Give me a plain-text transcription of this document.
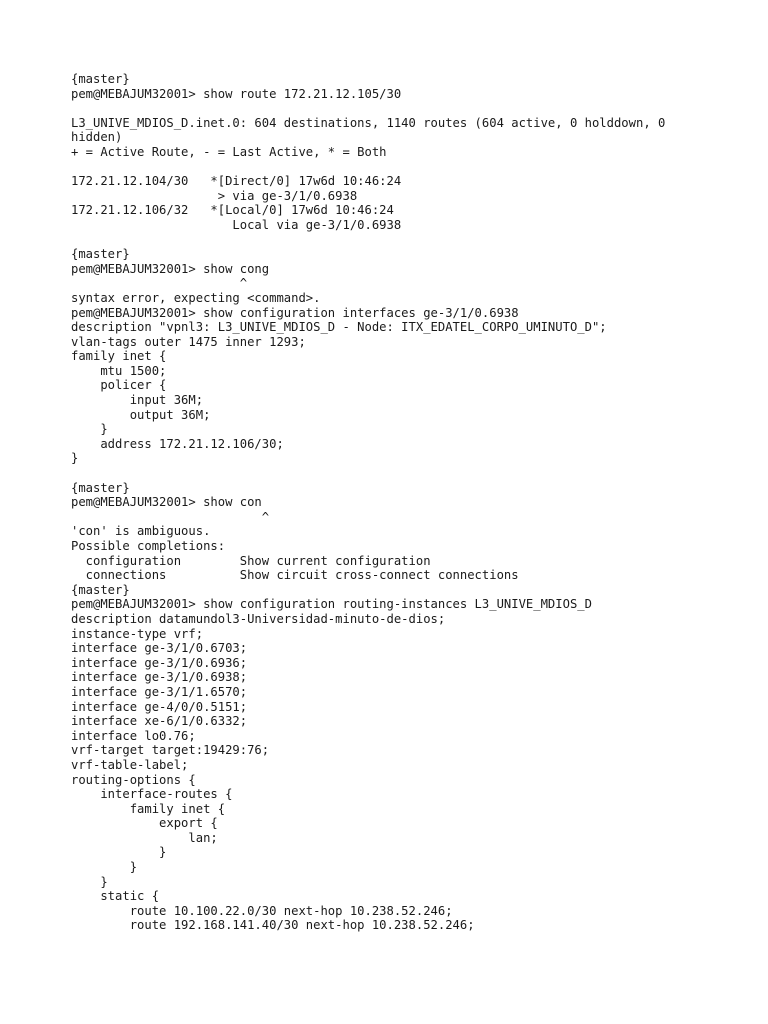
{master}
pem@MEBAJUM32001> show route 172.21.12.105/30
L3_UNIVE_MDIOS_D.inet.0: 604 destinations, 1140 routes (604 active, 0 holddown, 0
hidden)
+ = Active Route, - = Last Active, * = Both
172.21.12.104/30   *[Direct/0] 17w6d 10:46:24
> via ge-3/1/0.6938
172.21.12.106/32   *[Local/0] 17w6d 10:46:24
Local via ge-3/1/0.6938
{master}
pem@MEBAJUM32001> show cong
^
syntax error, expecting <command>.
pem@MEBAJUM32001> show configuration interfaces ge-3/1/0.6938
description "vpnl3: L3_UNIVE_MDIOS_D - Node: ITX_EDATEL_CORPO_UMINUTO_D";
vlan-tags outer 1475 inner 1293;
family inet {
mtu 1500;
policer {
input 36M;
output 36M;
}
address 172.21.12.106/30;
}
{master}
pem@MEBAJUM32001> show con
^
'con' is ambiguous.
Possible completions:
configuration        Show current configuration
connections          Show circuit cross-connect connections
{master}
pem@MEBAJUM32001> show configuration routing-instances L3_UNIVE_MDIOS_D
description datamundol3-Universidad-minuto-de-dios;
instance-type vrf;
interface ge-3/1/0.6703;
interface ge-3/1/0.6936;
interface ge-3/1/0.6938;
interface ge-3/1/1.6570;
interface ge-4/0/0.5151;
interface xe-6/1/0.6332;
interface lo0.76;
vrf-target target:19429:76;
vrf-table-label;
routing-options {
interface-routes {
family inet {
export {
lan;
}
}
}
static {
route 10.100.22.0/30 next-hop 10.238.52.246;
route 192.168.141.40/30 next-hop 10.238.52.246;
